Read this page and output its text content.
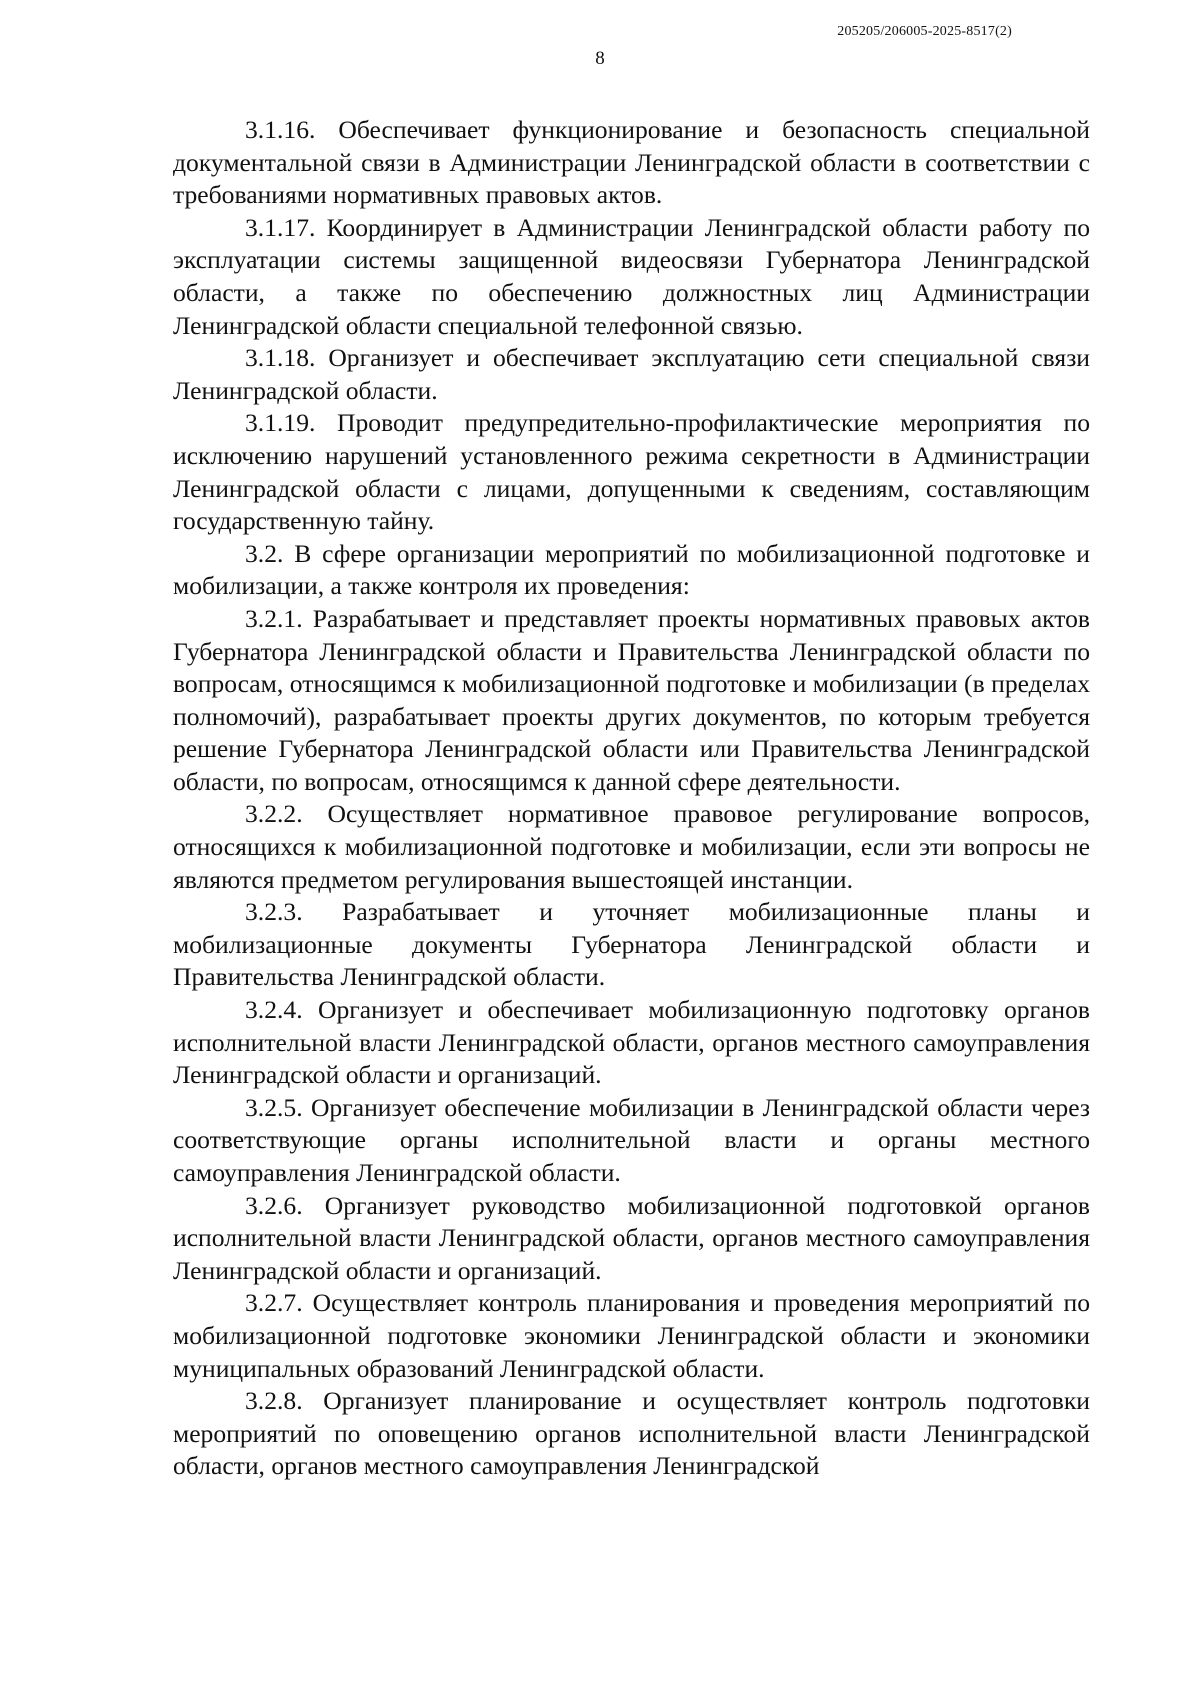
205205/206005-2025-8517(2)
8

3.1.16. Обеспечивает функционирование и безопасность специальной документальной связи в Администрации Ленинградской области в соответствии с требованиями нормативных правовых актов.

3.1.17. Координирует в Администрации Ленинградской области работу по эксплуатации системы защищенной видеосвязи Губернатора Ленинградской области, а также по обеспечению должностных лиц Администрации Ленинградской области специальной телефонной связью.

3.1.18. Организует и обеспечивает эксплуатацию сети специальной связи Ленинградской области.

3.1.19. Проводит предупредительно-профилактические мероприятия по исключению нарушений установленного режима секретности в Администрации Ленинградской области с лицами, допущенными к сведениям, составляющим государственную тайну.

3.2. В сфере организации мероприятий по мобилизационной подготовке и мобилизации, а также контроля их проведения:

3.2.1. Разрабатывает и представляет проекты нормативных правовых актов Губернатора Ленинградской области и Правительства Ленинградской области по вопросам, относящимся к мобилизационной подготовке и мобилизации (в пределах полномочий), разрабатывает проекты других документов, по которым требуется решение Губернатора Ленинградской области или Правительства Ленинградской области, по вопросам, относящимся к данной сфере деятельности.

3.2.2. Осуществляет нормативное правовое регулирование вопросов, относящихся к мобилизационной подготовке и мобилизации, если эти вопросы не являются предметом регулирования вышестоящей инстанции.

3.2.3. Разрабатывает и уточняет мобилизационные планы и мобилизационные документы Губернатора Ленинградской области и Правительства Ленинградской области.

3.2.4. Организует и обеспечивает мобилизационную подготовку органов исполнительной власти Ленинградской области, органов местного самоуправления Ленинградской области и организаций.

3.2.5. Организует обеспечение мобилизации в Ленинградской области через соответствующие органы исполнительной власти и органы местного самоуправления Ленинградской области.

3.2.6. Организует руководство мобилизационной подготовкой органов исполнительной власти Ленинградской области, органов местного самоуправления Ленинградской области и организаций.

3.2.7. Осуществляет контроль планирования и проведения мероприятий по мобилизационной подготовке экономики Ленинградской области и экономики муниципальных образований Ленинградской области.

3.2.8. Организует планирование и осуществляет контроль подготовки мероприятий по оповещению органов исполнительной власти Ленинградской области, органов местного самоуправления Ленинградской
